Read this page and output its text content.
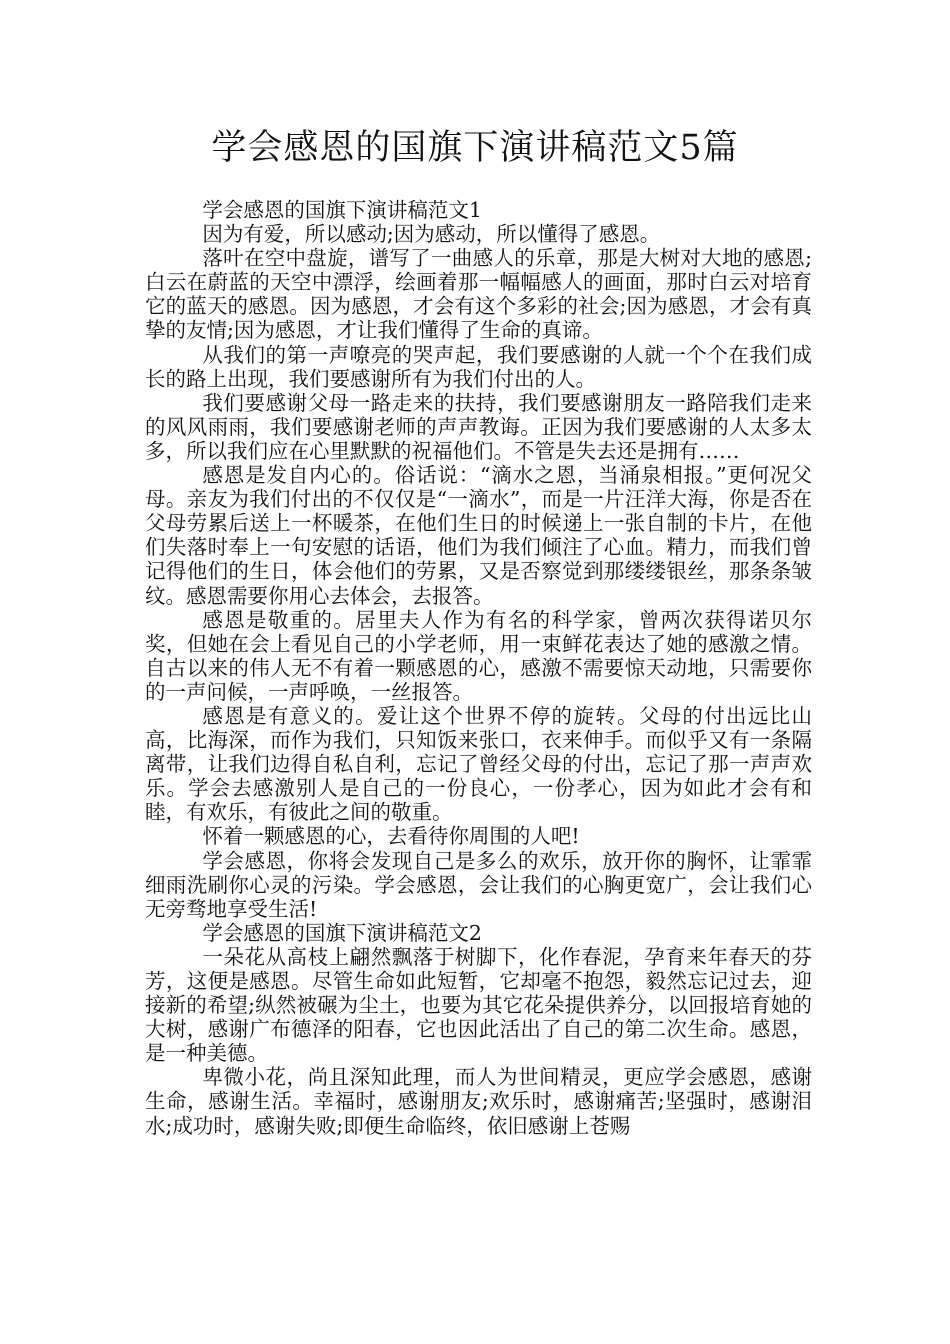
学会感恩的国旗下演讲稿范文5篇

学会感恩的国旗下演讲稿范文1

因为有爱，所以感动;因为感动，所以懂得了感恩。

落叶在空中盘旋，谱写了一曲感人的乐章，那是大树对大地的感恩;白云在蔚蓝的天空中漂浮，绘画着那一幅幅感人的画面，那时白云对培育它的蓝天的感恩。因为感恩，才会有这个多彩的社会;因为感恩，才会有真挚的友情;因为感恩，才让我们懂得了生命的真谛。

从我们的第一声嘹亮的哭声起，我们要感谢的人就一个个在我们成长的路上出现，我们要感谢所有为我们付出的人。

我们要感谢父母一路走来的扶持，我们要感谢朋友一路陪我们走来的风风雨雨，我们要感谢老师的声声教诲。正因为我们要感谢的人太多太多，所以我们应在心里默默的祝福他们。不管是失去还是拥有……

感恩是发自内心的。俗话说：“滴水之恩，当涌泉相报。”更何况父母。亲友为我们付出的不仅仅是“一滴水”，而是一片汪洋大海，你是否在父母劳累后送上一杯暖茶，在他们生日的时候递上一张自制的卡片，在他们失落时奉上一句安慰的话语，他们为我们倾注了心血。精力，而我们曾记得他们的生日，体会他们的劳累，又是否察觉到那缕缕银丝，那条条皱纹。感恩需要你用心去体会，去报答。

感恩是敬重的。居里夫人作为有名的科学家，曾两次获得诺贝尔奖，但她在会上看见自己的小学老师，用一束鲜花表达了她的感激之情。自古以来的伟人无不有着一颗感恩的心，感激不需要惊天动地，只需要你的一声问候，一声呼唤，一丝报答。

感恩是有意义的。爱让这个世界不停的旋转。父母的付出远比山高，比海深，而作为我们，只知饭来张口，衣来伸手。而似乎又有一条隔离带，让我们边得自私自利，忘记了曾经父母的付出，忘记了那一声声欢乐。学会去感激别人是自己的一份良心，一份孝心，因为如此才会有和睦，有欢乐，有彼此之间的敬重。

怀着一颗感恩的心，去看待你周围的人吧!

学会感恩，你将会发现自己是多么的欢乐，放开你的胸怀，让霏霏细雨洗刷你心灵的污染。学会感恩，会让我们的心胸更宽广，会让我们心无旁骛地享受生活!

学会感恩的国旗下演讲稿范文2

一朵花从高枝上翩然飘落于树脚下，化作春泥，孕育来年春天的芬芳，这便是感恩。尽管生命如此短暂，它却毫不抱怨，毅然忘记过去，迎接新的希望;纵然被碾为尘土，也要为其它花朵提供养分，以回报培育她的大树，感谢广布德泽的阳春，它也因此活出了自己的第二次生命。感恩，是一种美德。

卑微小花，尚且深知此理，而人为世间精灵，更应学会感恩，感谢生命，感谢生活。幸福时，感谢朋友;欢乐时，感谢痛苦;坚强时，感谢泪水;成功时，感谢失败;即便生命临终，依旧感谢上苍赐
